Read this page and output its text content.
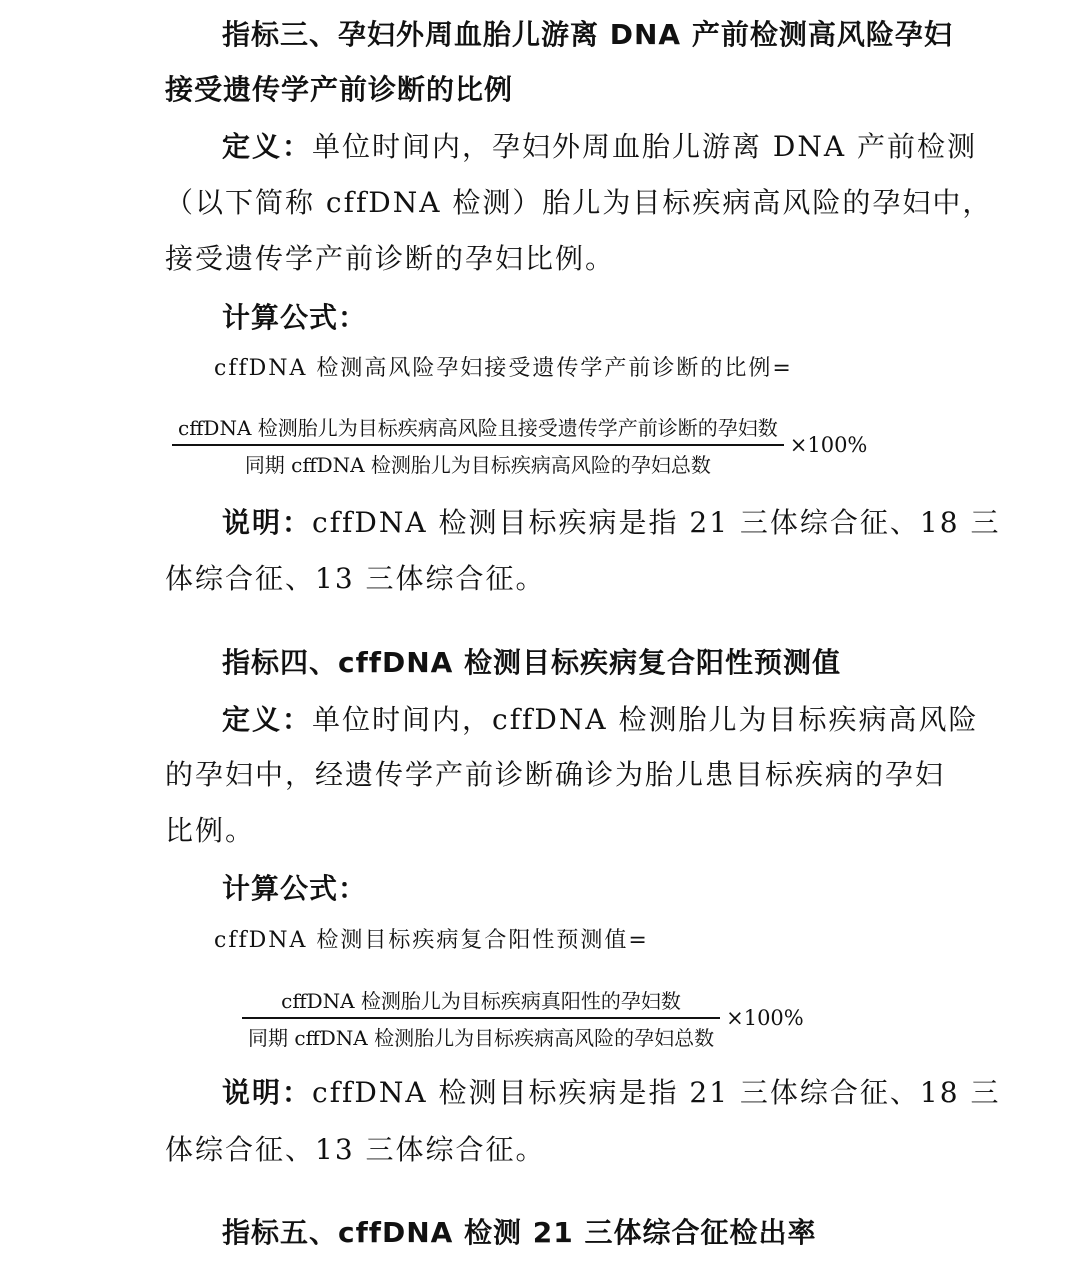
指标三、孕妇外周血胎儿游离 DNA 产前检测高风险孕妇
接受遗传学产前诊断的比例
定义：单位时间内，孕妇外周血胎儿游离 DNA 产前检测
（以下简称 cffDNA 检测）胎儿为目标疾病高风险的孕妇中，
接受遗传学产前诊断的孕妇比例。
计算公式：
cffDNA 检测高风险孕妇接受遗传学产前诊断的比例=
$\frac{\text{cffDNA 检测胎儿为目标疾病高风险且接受遗传学产前诊断的孕妇数}}{\text{同期 cffDNA 检测胎儿为目标疾病高风险的孕妇总数}} \times 100\%$
说明：cffDNA 检测目标疾病是指 21 三体综合征、18 三
体综合征、13 三体综合征。
指标四、cffDNA 检测目标疾病复合阳性预测值
定义：单位时间内，cffDNA 检测胎儿为目标疾病高风险
的孕妇中，经遗传学产前诊断确诊为胎儿患目标疾病的孕妇
比例。
计算公式：
cffDNA 检测目标疾病复合阳性预测值=
$\frac{\text{cffDNA 检测胎儿为目标疾病真阳性的孕妇数}}{\text{同期 cffDNA 检测胎儿为目标疾病高风险的孕妇总数}} \times 100\%$
说明：cffDNA 检测目标疾病是指 21 三体综合征、18 三
体综合征、13 三体综合征。
指标五、cffDNA 检测 21 三体综合征检出率
